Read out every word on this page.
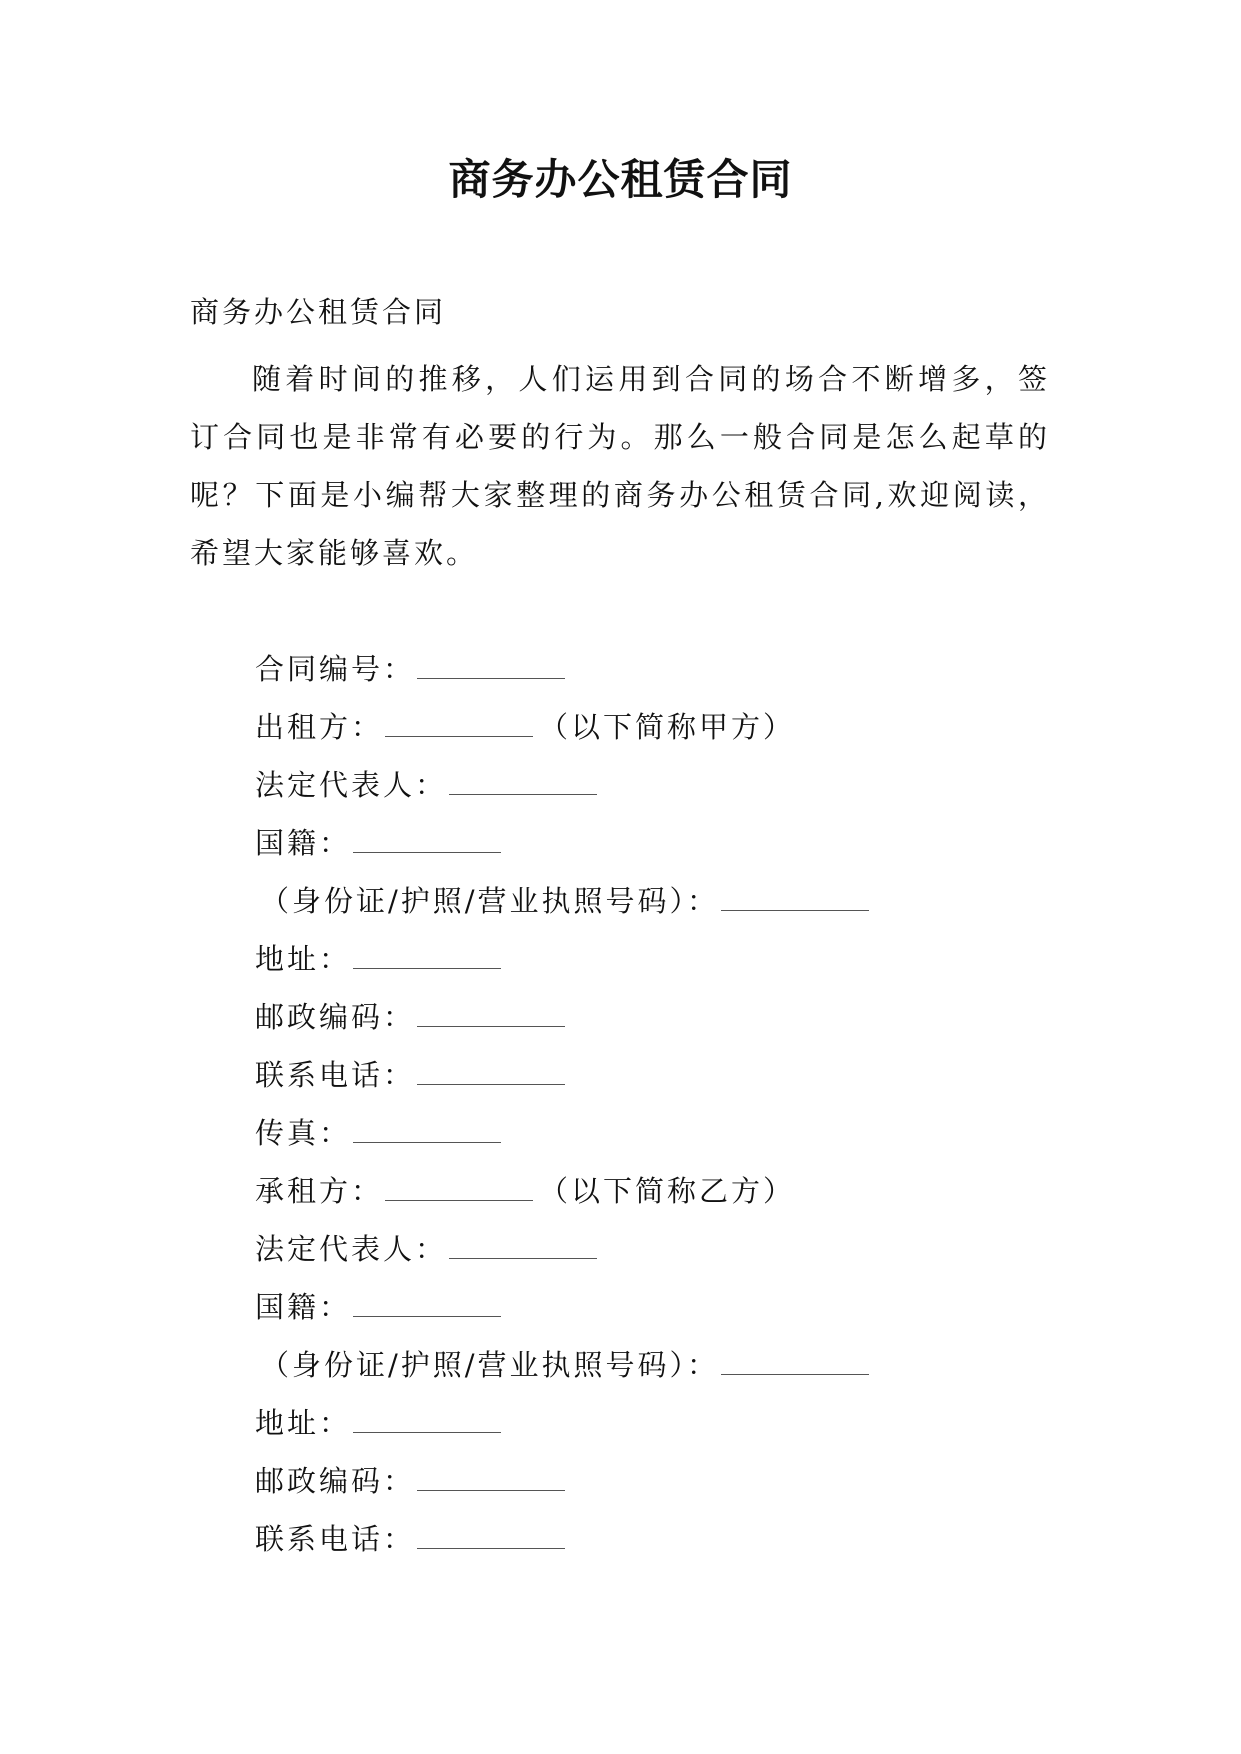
商务办公租赁合同
商务办公租赁合同

随着时间的推移，人们运用到合同的场合不断增多，签订合同也是非常有必要的行为。那么一般合同是怎么起草的呢？下面是小编帮大家整理的商务办公租赁合同,欢迎阅读，希望大家能够喜欢。

合同编号：
出租方：	（以下简称甲方）
法定代表人：
国籍：
（身份证/护照/营业执照号码）：
地址：
邮政编码：
联系电话：
传真：
承租方：	（以下简称乙方）
法定代表人：
国籍：
（身份证/护照/营业执照号码）：
地址：
邮政编码：
联系电话：
